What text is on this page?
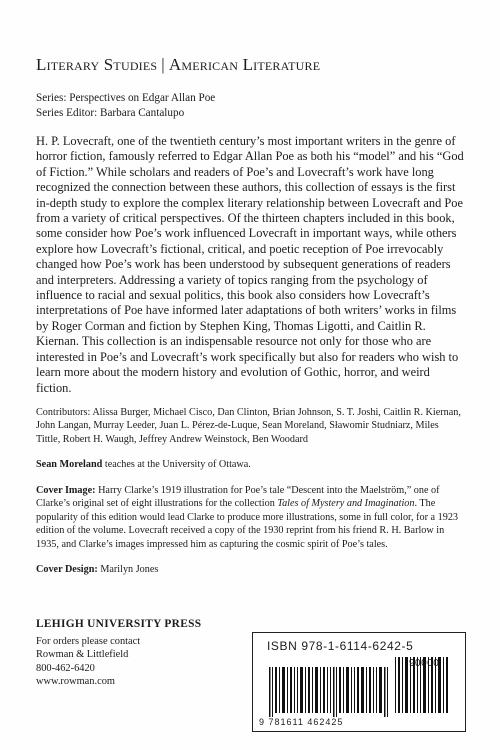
Literary Studies | American Literature
Series: Perspectives on Edgar Allan Poe
Series Editor: Barbara Cantalupo

H. P. Lovecraft, one of the twentieth century’s most important writers in the genre of horror fiction, famously referred to Edgar Allan Poe as both his “model” and his “God of Fiction.” While scholars and readers of Poe’s and Lovecraft’s work have long recognized the connection between these authors, this collection of essays is the first in-depth study to explore the complex literary relationship between Lovecraft and Poe from a variety of critical perspectives. Of the thirteen chapters included in this book, some consider how Poe’s work influenced Lovecraft in important ways, while others explore how Lovecraft’s fictional, critical, and poetic reception of Poe irrevocably changed how Poe’s work has been understood by subsequent generations of readers and interpreters. Addressing a variety of topics ranging from the psychology of influence to racial and sexual politics, this book also considers how Lovecraft’s interpretations of Poe have informed later adaptations of both writers’ works in films by Roger Corman and fiction by Stephen King, Thomas Ligotti, and Caitlin R. Kiernan. This collection is an indispensable resource not only for those who are interested in Poe’s and Lovecraft’s work specifically but also for readers who wish to learn more about the modern history and evolution of Gothic, horror, and weird fiction.

Contributors: Alissa Burger, Michael Cisco, Dan Clinton, Brian Johnson, S. T. Joshi, Caitlin R. Kiernan, John Langan, Murray Leeder, Juan L. Pérez-de-Luque, Sean Moreland, Sławomir Studniarz, Miles Tittle, Robert H. Waugh, Jeffrey Andrew Weinstock, Ben Woodard

Sean Moreland teaches at the University of Ottawa.

Cover Image: Harry Clarke’s 1919 illustration for Poe’s tale “Descent into the Maelström,” one of Clarke’s original set of eight illustrations for the collection Tales of Mystery and Imagination. The popularity of this edition would lead Clarke to produce more illustrations, some in full color, for a 1923 edition of the volume. Lovecraft received a copy of the 1930 reprint from his friend R. H. Barlow in 1935, and Clarke’s images impressed him as capturing the cosmic spirit of Poe’s tales.

Cover Design: Marilyn Jones

LEHIGH UNIVERSITY PRESS
For orders please contact
Rowman & Littlefield
800-462-6420
www.rowman.com
ISBN 978-1-6114-6242-5
9 781611 462425
